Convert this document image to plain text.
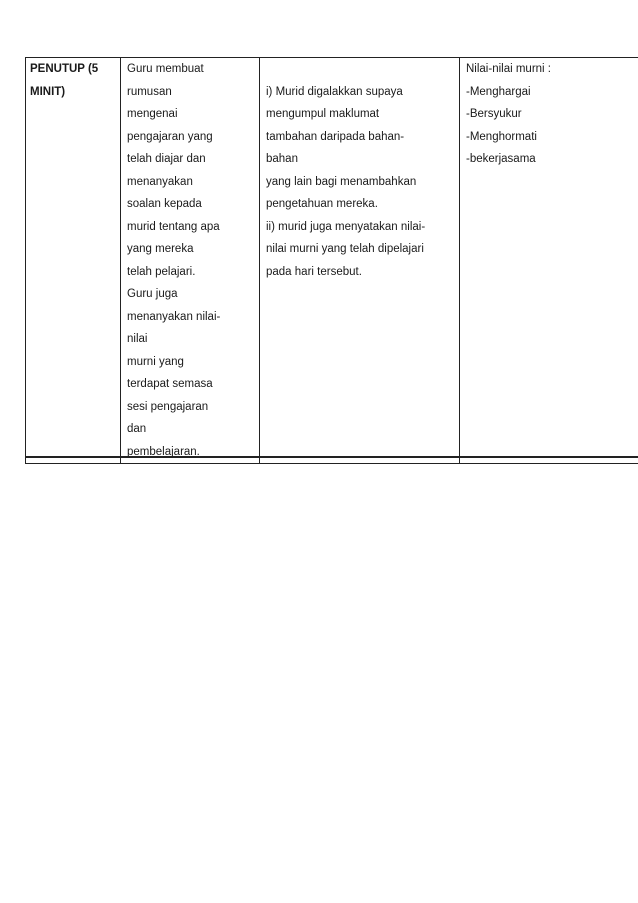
PENUTUP (5
MINIT)

Guru membuat
rumusan
mengenai
pengajaran yang
telah diajar dan
menanyakan
soalan kepada
murid tentang apa
yang mereka
telah pelajari.
Guru juga
menanyakan nilai-
nilai
murni yang
terdapat semasa
sesi pengajaran
dan
pembelajaran.

i) Murid digalakkan supaya
mengumpul maklumat
tambahan daripada bahan-
bahan
yang lain bagi menambahkan
pengetahuan mereka.
ii) murid juga menyatakan nilai-
nilai murni yang telah dipelajari
pada hari tersebut.

Nilai-nilai murni :
-Menghargai
-Bersyukur
-Menghormati
-bekerjasama
